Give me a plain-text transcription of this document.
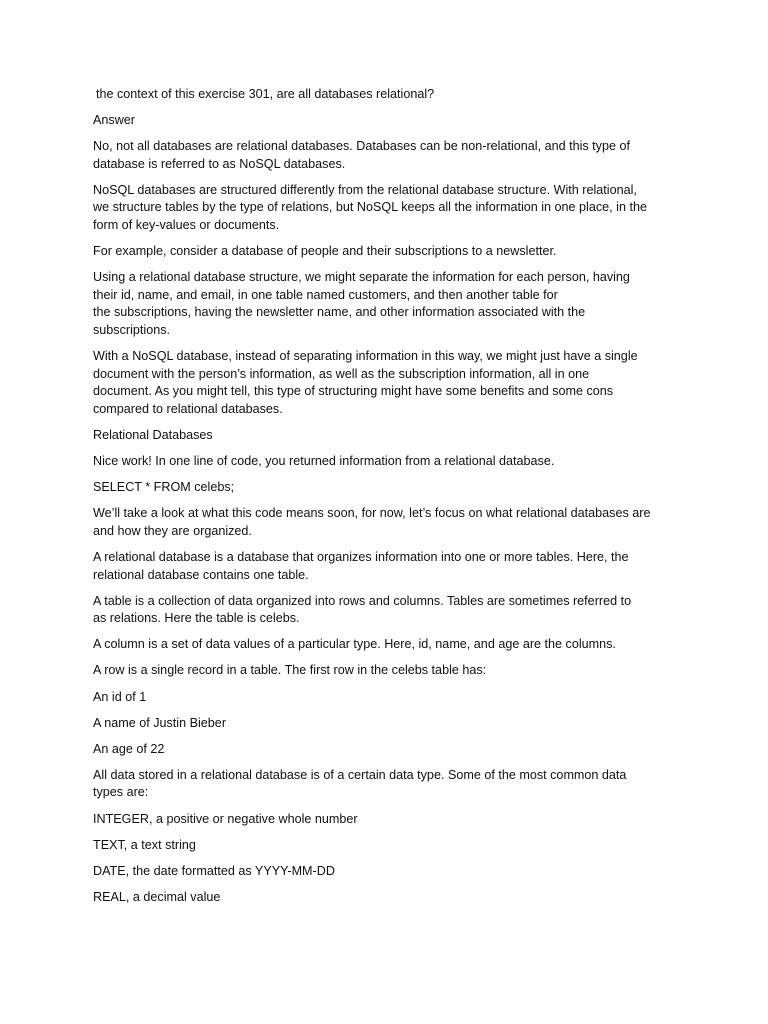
the context of this exercise 301, are all databases relational?

Answer

No, not all databases are relational databases. Databases can be non-relational, and this type of
database is referred to as NoSQL databases.

NoSQL databases are structured differently from the relational database structure. With relational,
we structure tables by the type of relations, but NoSQL keeps all the information in one place, in the
form of key-values or documents.

For example, consider a database of people and their subscriptions to a newsletter.

Using a relational database structure, we might separate the information for each person, having
their id, name, and email, in one table named customers, and then another table for
the subscriptions, having the newsletter name, and other information associated with the
subscriptions.

With a NoSQL database, instead of separating information in this way, we might just have a single
document with the person’s information, as well as the subscription information, all in one
document. As you might tell, this type of structuring might have some benefits and some cons
compared to relational databases.

Relational Databases

Nice work! In one line of code, you returned information from a relational database.

SELECT * FROM celebs;

We’ll take a look at what this code means soon, for now, let’s focus on what relational databases are
and how they are organized.

A relational database is a database that organizes information into one or more tables. Here, the
relational database contains one table.

A table is a collection of data organized into rows and columns. Tables are sometimes referred to
as relations. Here the table is celebs.

A column is a set of data values of a particular type. Here, id, name, and age are the columns.

A row is a single record in a table. The first row in the celebs table has:

An id of 1

A name of Justin Bieber

An age of 22

All data stored in a relational database is of a certain data type. Some of the most common data
types are:

INTEGER, a positive or negative whole number

TEXT, a text string

DATE, the date formatted as YYYY-MM-DD

REAL, a decimal value
